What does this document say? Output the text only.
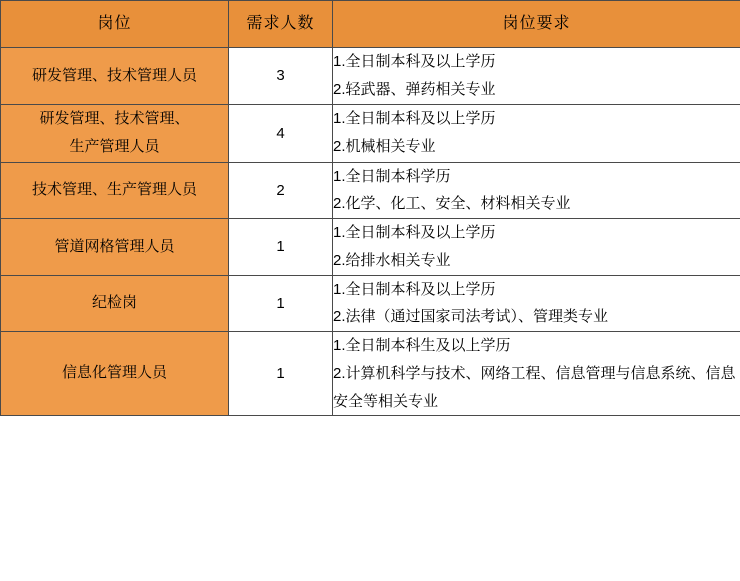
岗位	需求人数	岗位要求

研发管理、技术管理人员	3	1.全日制本科及以上学历
2.轻武器、弹药相关专业

研发管理、技术管理、
生产管理人员	4	1.全日制本科及以上学历
2.机械相关专业

技术管理、生产管理人员	2	1.全日制本科学历
2.化学、化工、安全、材料相关专业

管道网格管理人员	1	1.全日制本科及以上学历
2.给排水相关专业

纪检岗	1	1.全日制本科及以上学历
2.法律（通过国家司法考试）、管理类专业

信息化管理人员	1	1.全日制本科生及以上学历
2.计算机科学与技术、网络工程、信息管理与信息系统、信息安全等相关专业
